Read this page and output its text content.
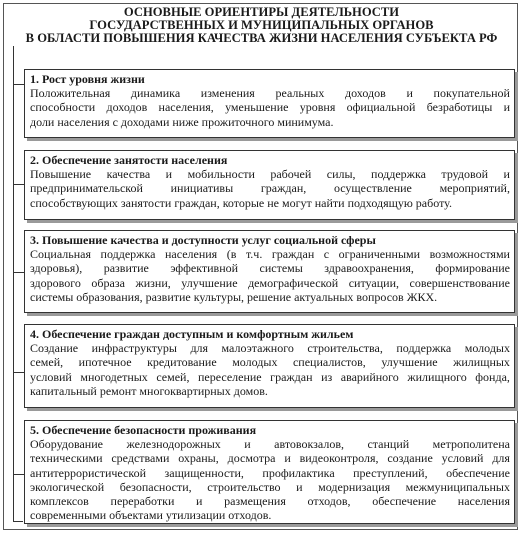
ОСНОВНЫЕ ОРИЕНТИРЫ ДЕЯТЕЛЬНОСТИ
ГОСУДАРСТВЕННЫХ И МУНИЦИПАЛЬНЫХ ОРГАНОВ
В ОБЛАСТИ ПОВЫШЕНИЯ КАЧЕСТВА ЖИЗНИ НАСЕЛЕНИЯ СУБЪЕКТА РФ
1. Рост уровня жизни
Положительная динамика изменения реальных доходов и покупательной
способности доходов населения, уменьшение уровня официальной безработицы и
доли населения с доходами ниже прожиточного минимума.
2. Обеспечение занятости населения
Повышение качества и мобильности рабочей силы, поддержка трудовой и
предпринимательской инициативы граждан, осуществление мероприятий,
способствующих занятости граждан, которые не могут найти подходящую работу.
3. Повышение качества и доступности услуг социальной сферы
Социальная поддержка населения (в т.ч. граждан с ограниченными возможностями
здоровья), развитие эффективной системы здравоохранения, формирование
здорового образа жизни, улучшение демографической ситуации, совершенствование
системы образования, развитие культуры, решение актуальных вопросов ЖКХ.
4. Обеспечение граждан доступным и комфортным жильем
Создание инфраструктуры для малоэтажного строительства, поддержка молодых
семей, ипотечное кредитование молодых специалистов, улучшение жилищных
условий многодетных семей, переселение граждан из аварийного жилищного фонда,
капитальный ремонт многоквартирных домов.
5. Обеспечение безопасности проживания
Оборудование железнодорожных и автовокзалов, станций метрополитена
техническими средствами охраны, досмотра и видеоконтроля, создание условий для
антитеррористической защищенности, профилактика преступлений, обеспечение
экологической безопасности, строительство и модернизация межмуниципальных
комплексов переработки и размещения отходов, обеспечение населения
современными объектами утилизации отходов.
